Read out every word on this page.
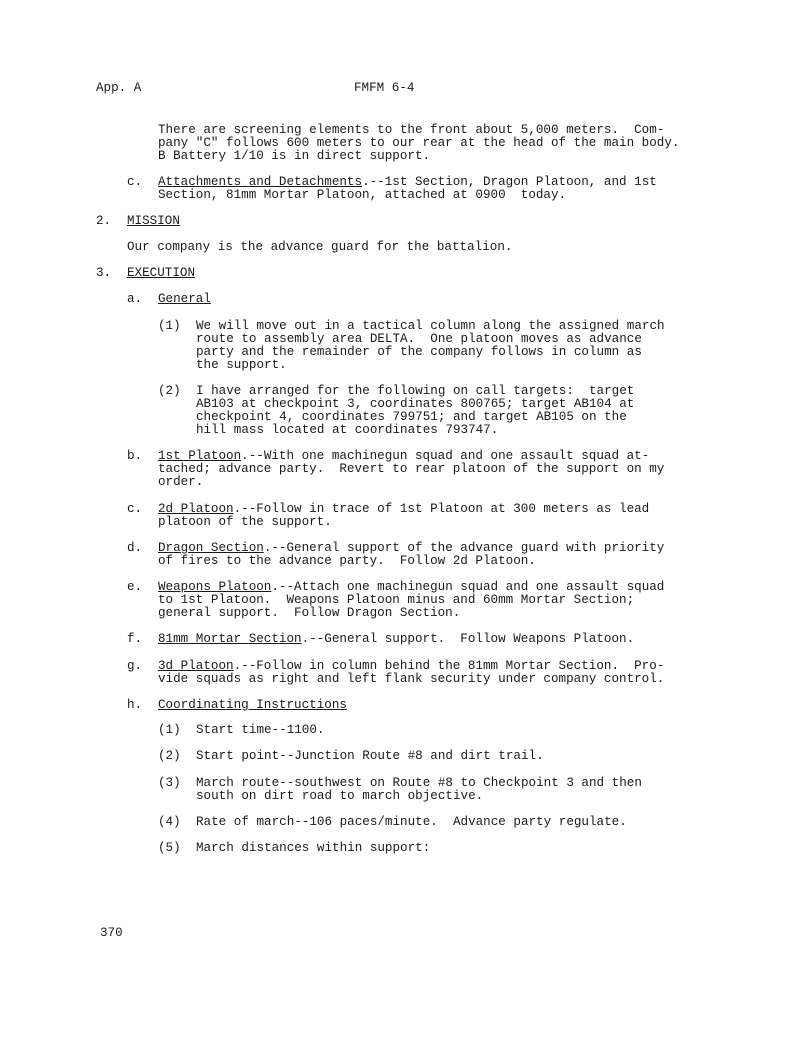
App. A	FMFM 6-4
There are screening elements to the front about 5,000 meters.  Com-
pany "C" follows 600 meters to our rear at the head of the main body.
B Battery 1/10 is in direct support.
c. Attachments and Detachments.--1st Section, Dragon Platoon, and 1st
Section, 81mm Mortar Platoon, attached at 0900  today.
2. MISSION
Our company is the advance guard for the battalion.
3. EXECUTION
a. General
(1) We will move out in a tactical column along the assigned march
route to assembly area DELTA.  One platoon moves as advance
party and the remainder of the company follows in column as
the support.
(2) I have arranged for the following on call targets:  target
AB103 at checkpoint 3, coordinates 800765; target AB104 at
checkpoint 4, coordinates 799751; and target AB105 on the
hill mass located at coordinates 793747.
b. 1st Platoon.--With one machinegun squad and one assault squad at-
tached; advance party.  Revert to rear platoon of the support on my
order.
c. 2d Platoon.--Follow in trace of 1st Platoon at 300 meters as lead
platoon of the support.
d. Dragon Section.--General support of the advance guard with priority
of fires to the advance party.  Follow 2d Platoon.
e. Weapons Platoon.--Attach one machinegun squad and one assault squad
to 1st Platoon.  Weapons Platoon minus and 60mm Mortar Section;
general support.  Follow Dragon Section.
f. 81mm Mortar Section.--General support.  Follow Weapons Platoon.
g. 3d Platoon.--Follow in column behind the 81mm Mortar Section.  Pro-
vide squads as right and left flank security under company control.
h. Coordinating Instructions
(1) Start time--1100.
(2) Start point--Junction Route #8 and dirt trail.
(3) March route--southwest on Route #8 to Checkpoint 3 and then
south on dirt road to march objective.
(4) Rate of march--106 paces/minute.  Advance party regulate.
(5) March distances within support:
370
